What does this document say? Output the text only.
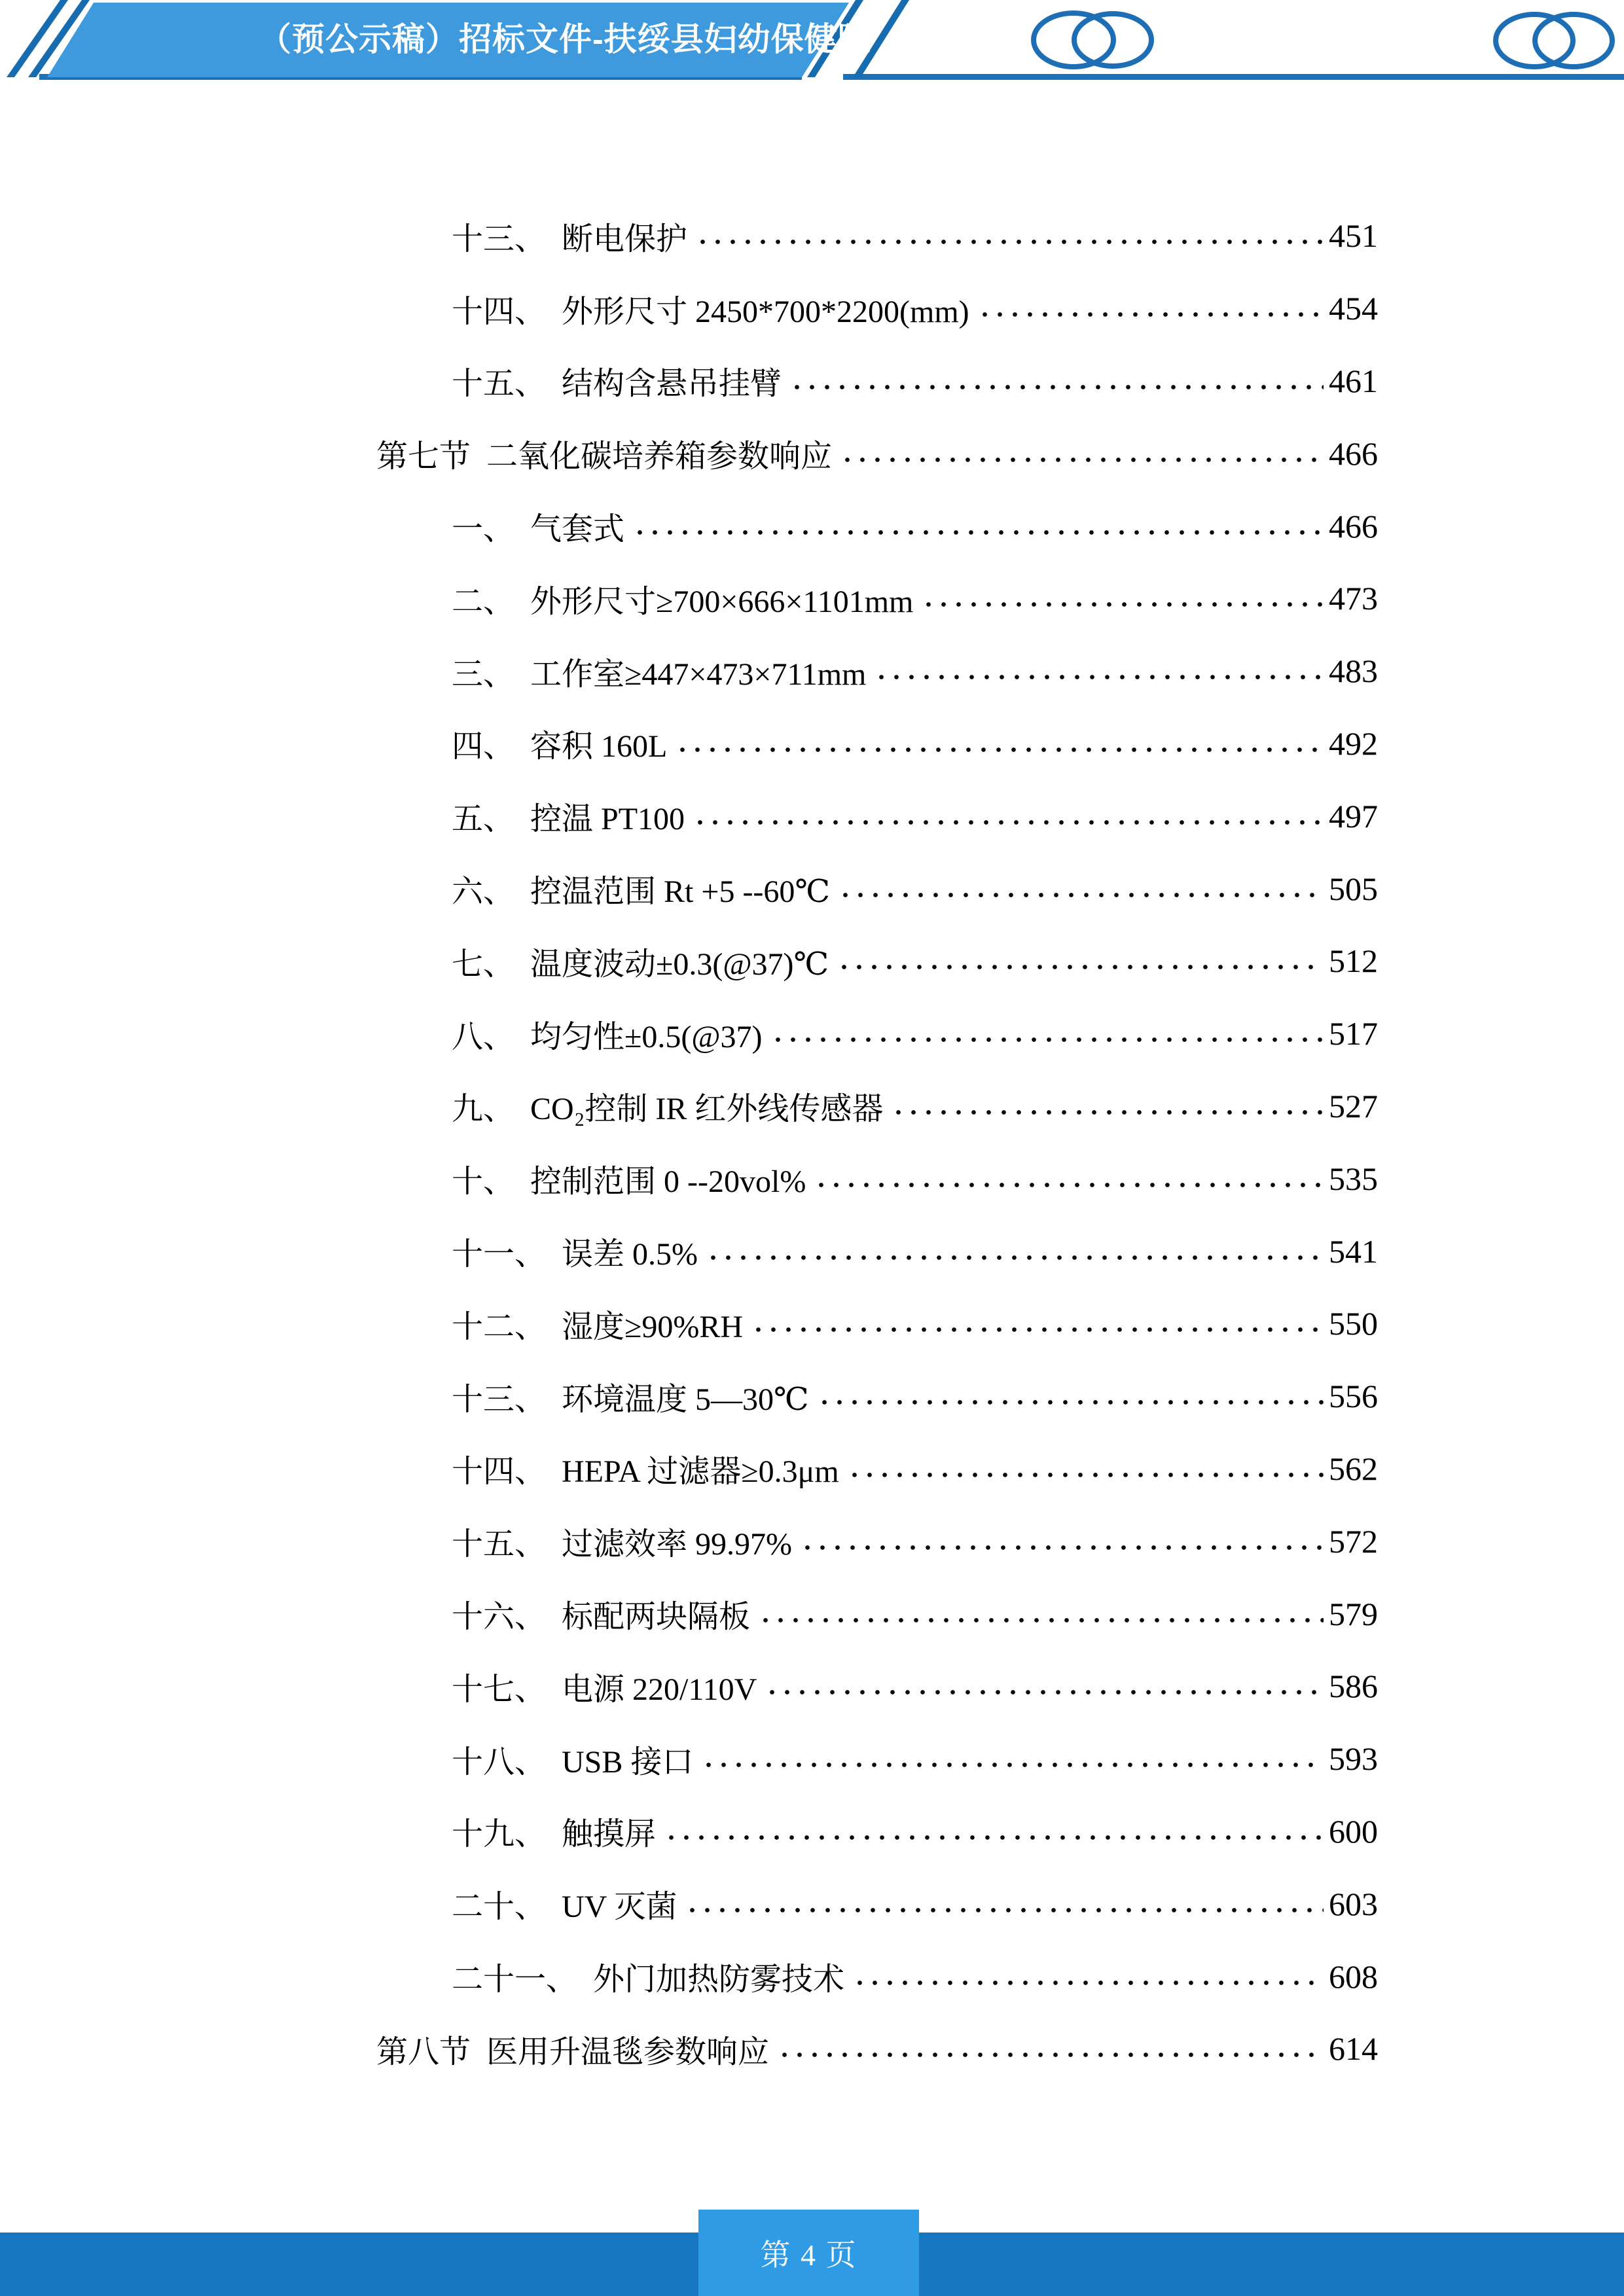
（预公示稿）招标文件-扶绥县妇幼保健院
十三、 断电保护	451
十四、 外形尺寸 2450*700*2200(mm)	454
十五、 结构含悬吊挂臂	461
第七节 二氧化碳培养箱参数响应	466
一、 气套式	466
二、 外形尺寸≥700×666×1101mm	473
三、 工作室≥447×473×711mm	483
四、 容积 160L	492
五、 控温 PT100	497
六、 控温范围 Rt +5 --60℃	505
七、 温度波动±0.3(@37)℃	512
八、 均匀性±0.5(@37)	517
九、 CO₂控制 IR 红外线传感器	527
十、 控制范围 0 --20vol%	535
十一、 误差 0.5%	541
十二、 湿度≥90%RH	550
十三、 环境温度 5—30℃	556
十四、 HEPA 过滤器≥0.3μm	562
十五、 过滤效率 99.97%	572
十六、 标配两块隔板	579
十七、 电源 220/110V	586
十八、 USB 接口	593
十九、 触摸屏	600
二十、 UV 灭菌	603
二十一、 外门加热防雾技术	608
第八节 医用升温毯参数响应	614
第 4 页
